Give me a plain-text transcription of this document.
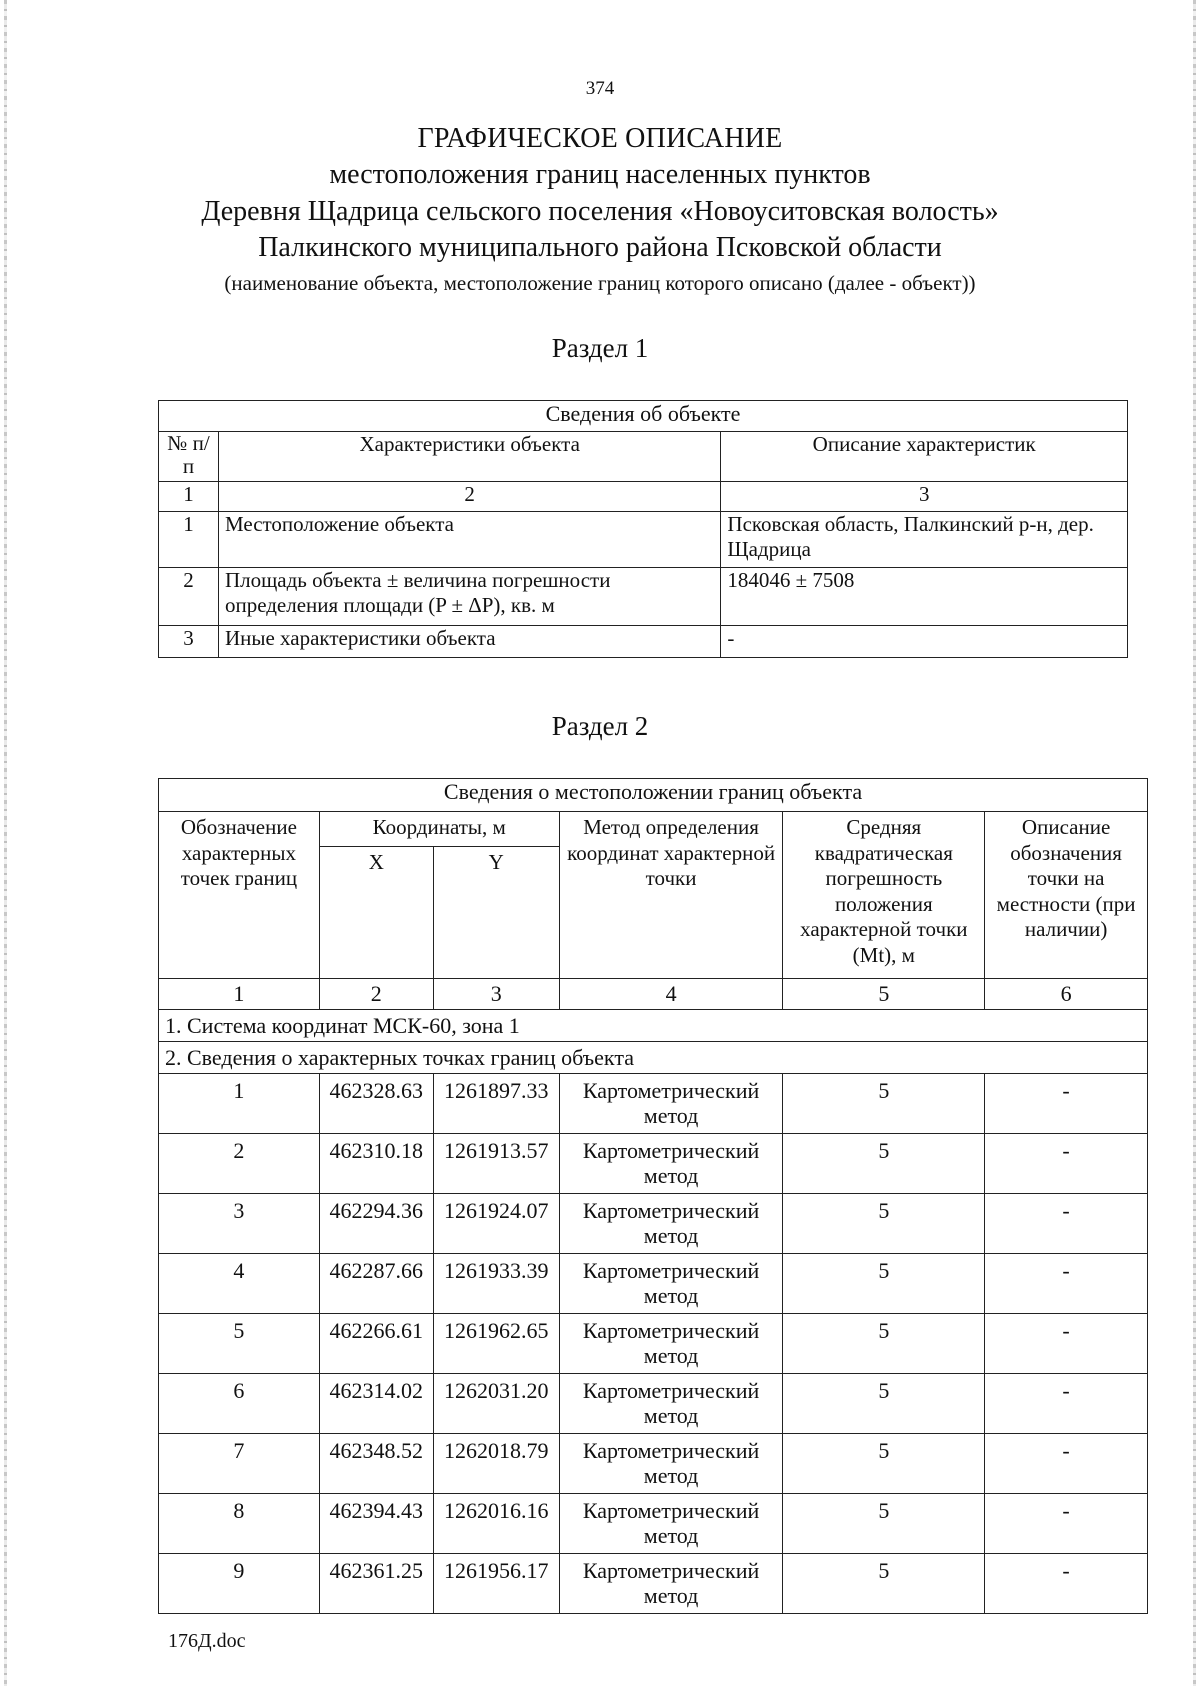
374
ГРАФИЧЕСКОЕ ОПИСАНИЕ
местоположения границ населенных пунктов
Деревня Щадрица сельского поселения «Новоуситовская волость»
Палкинского муниципального района Псковской области
(наименование объекта, местоположение границ которого описано (далее - объект))
Раздел 1
Сведения об объекте		
№ п/п	Характеристики объекта	Описание характеристик
1	2	3
1	Местоположение объекта	Псковская область, Палкинский р-н, дер. Щадрица
2	Площадь объекта ± величина погрешности определения площади (P ± ΔP), кв. м	184046 ± 7508
3	Иные характеристики объекта	-
Раздел 2
Сведения о местоположении границ объекта					
Обозначение характерных точек границ	Координаты, м		Метод определения координат характерной точки	Средняя квадратическая погрешность положения характерной точки (Mt), м	Описание обозначения точки на местности (при наличии)
	X	Y			
1	2	3	4	5	6
1. Система координат МСК-60, зона 1					
2. Сведения о характерных точках границ объекта					
1	462328.63	1261897.33	Картометрический метод	5	-
2	462310.18	1261913.57	Картометрический метод	5	-
3	462294.36	1261924.07	Картометрический метод	5	-
4	462287.66	1261933.39	Картометрический метод	5	-
5	462266.61	1261962.65	Картометрический метод	5	-
6	462314.02	1262031.20	Картометрический метод	5	-
7	462348.52	1262018.79	Картометрический метод	5	-
8	462394.43	1262016.16	Картометрический метод	5	-
9	462361.25	1261956.17	Картометрический метод	5	-
176Д.doc
